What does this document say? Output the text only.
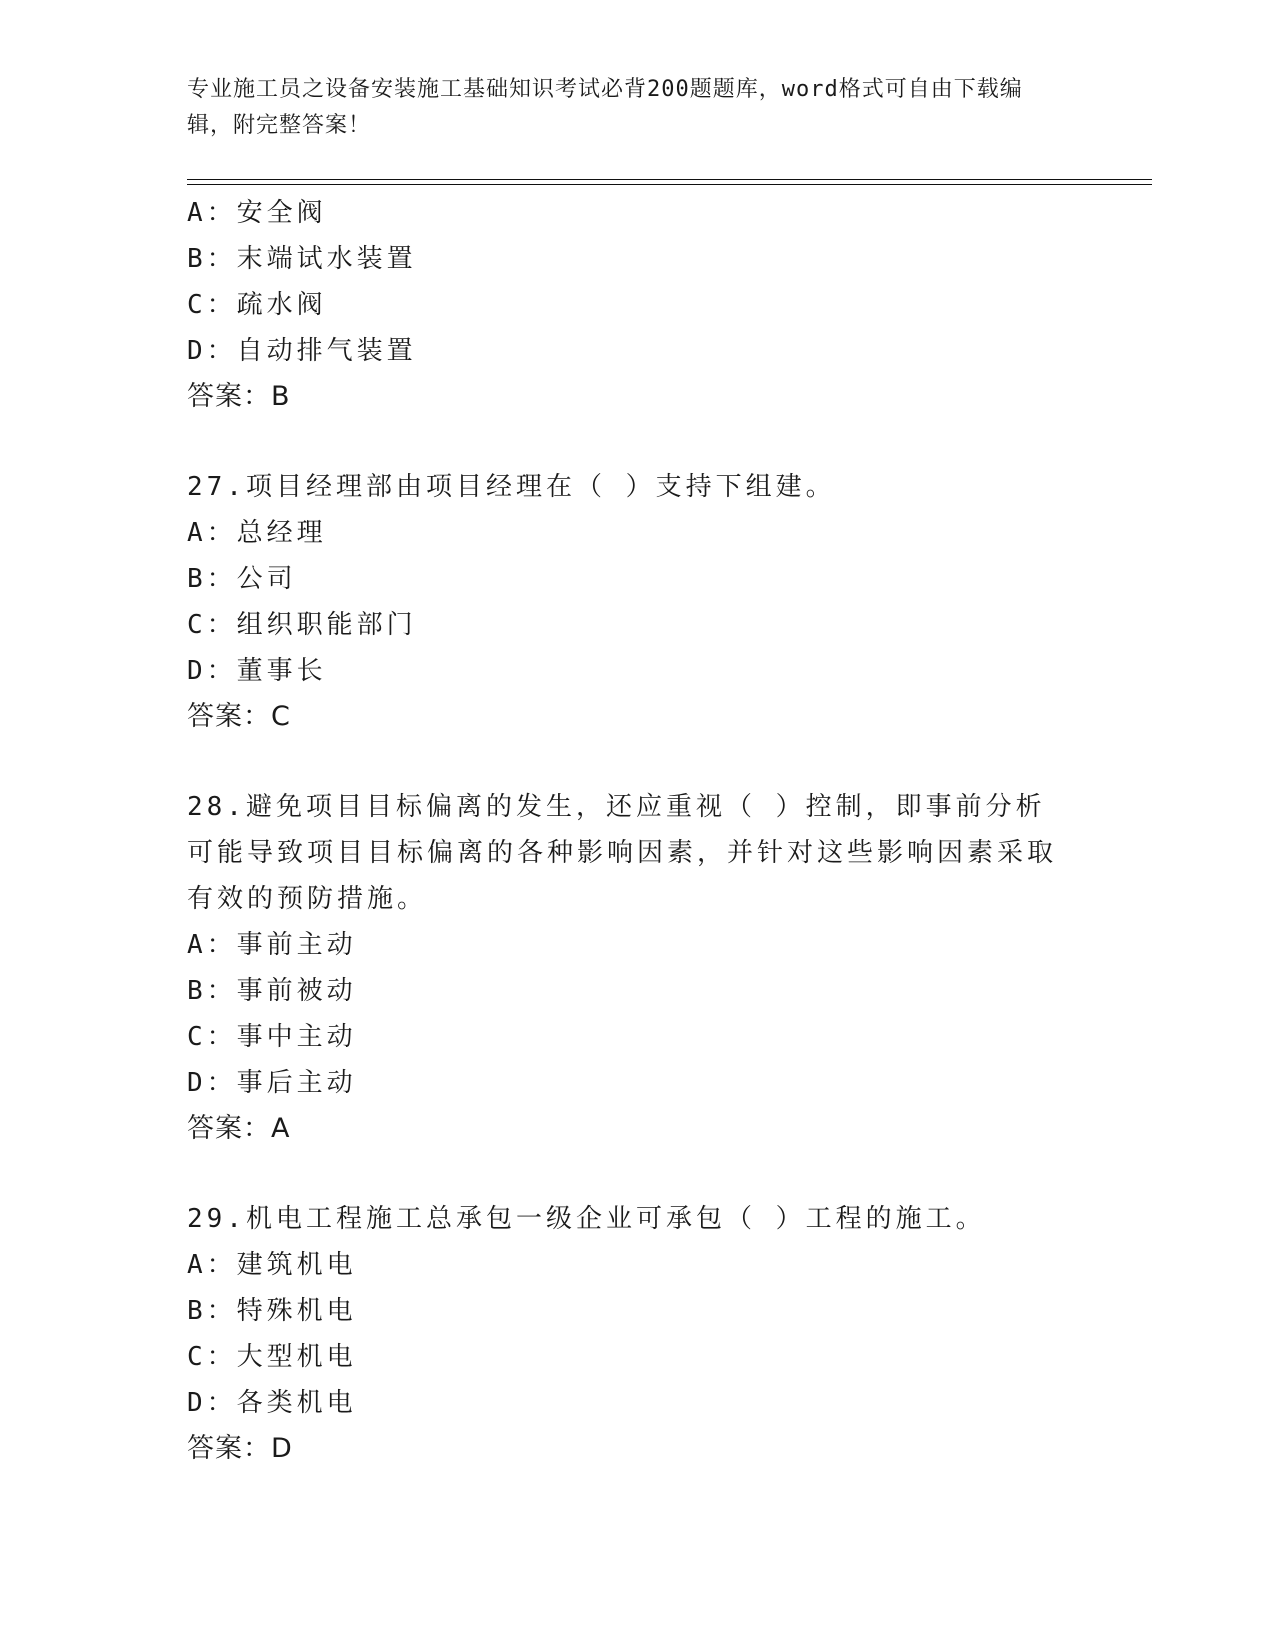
专业施工员之设备安装施工基础知识考试必背200题题库，word格式可自由下载编辑，附完整答案！
A：安全阀
B：末端试水装置
C：疏水阀
D：自动排气装置
答案：B
27.项目经理部由项目经理在（ ）支持下组建。
A：总经理
B：公司
C：组织职能部门
D：董事长
答案：C
28.避免项目目标偏离的发生，还应重视（ ）控制，即事前分析可能导致项目目标偏离的各种影响因素，并针对这些影响因素采取有效的预防措施。
A：事前主动
B：事前被动
C：事中主动
D：事后主动
答案：A
29.机电工程施工总承包一级企业可承包（ ）工程的施工。
A：建筑机电
B：特殊机电
C：大型机电
D：各类机电
答案：D
